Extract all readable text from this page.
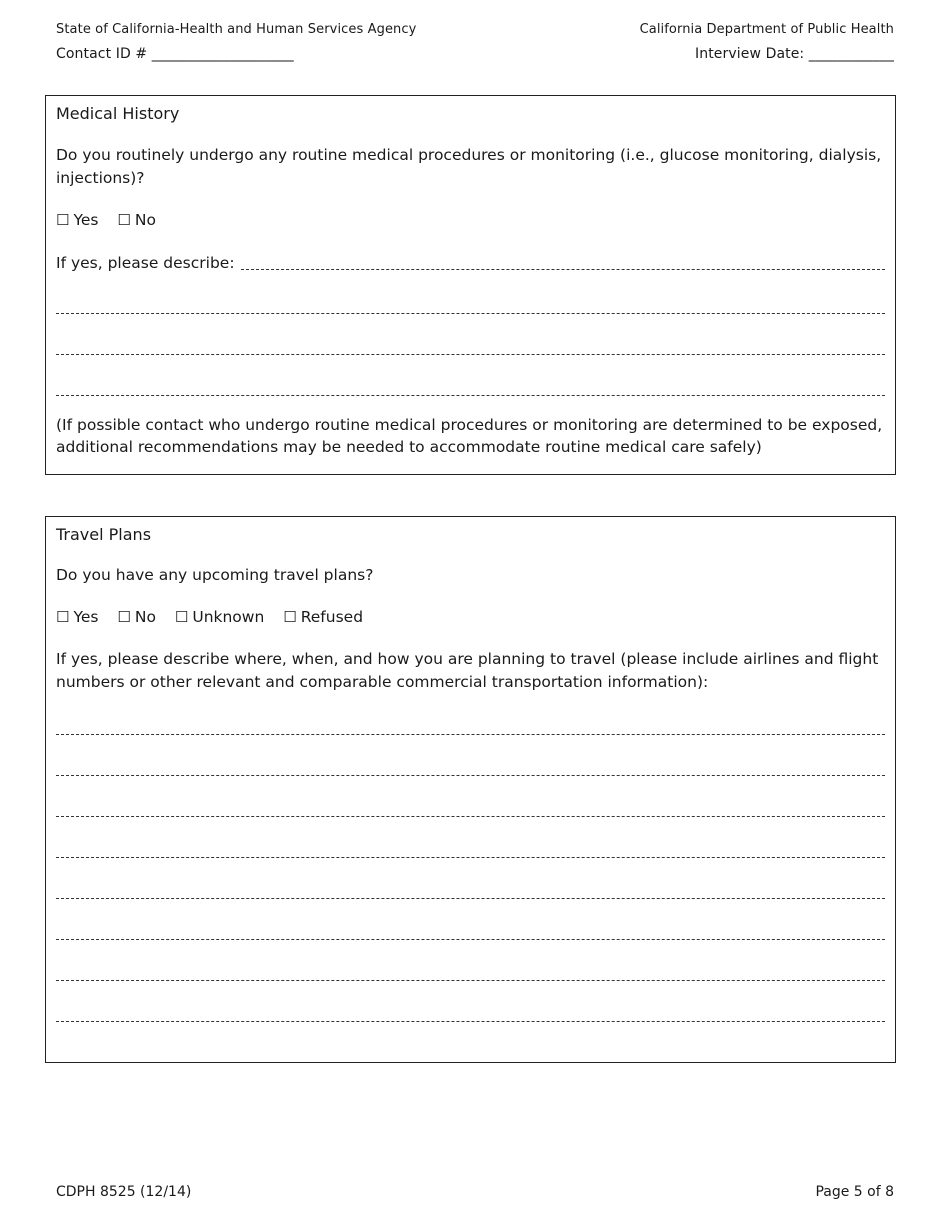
State of California-Health and Human Services Agency
Contact ID # ____________________
California Department of Public Health
Interview Date: ____________

Medical History

Do you routinely undergo any routine medical procedures or monitoring (i.e., glucose monitoring, dialysis, injections)?

☐ Yes ☐ No
If yes, please describe:
(If possible contact who undergo routine medical procedures or monitoring are determined to be exposed, additional recommendations may be needed to accommodate routine medical care safely)

Travel Plans

Do you have any upcoming travel plans?

☐ Yes ☐ No ☐ Unknown ☐ Refused

If yes, please describe where, when, and how you are planning to travel (please include airlines and flight numbers or other relevant and comparable commercial transportation information):

CDPH 8525 (12/14)	Page 5 of 8
